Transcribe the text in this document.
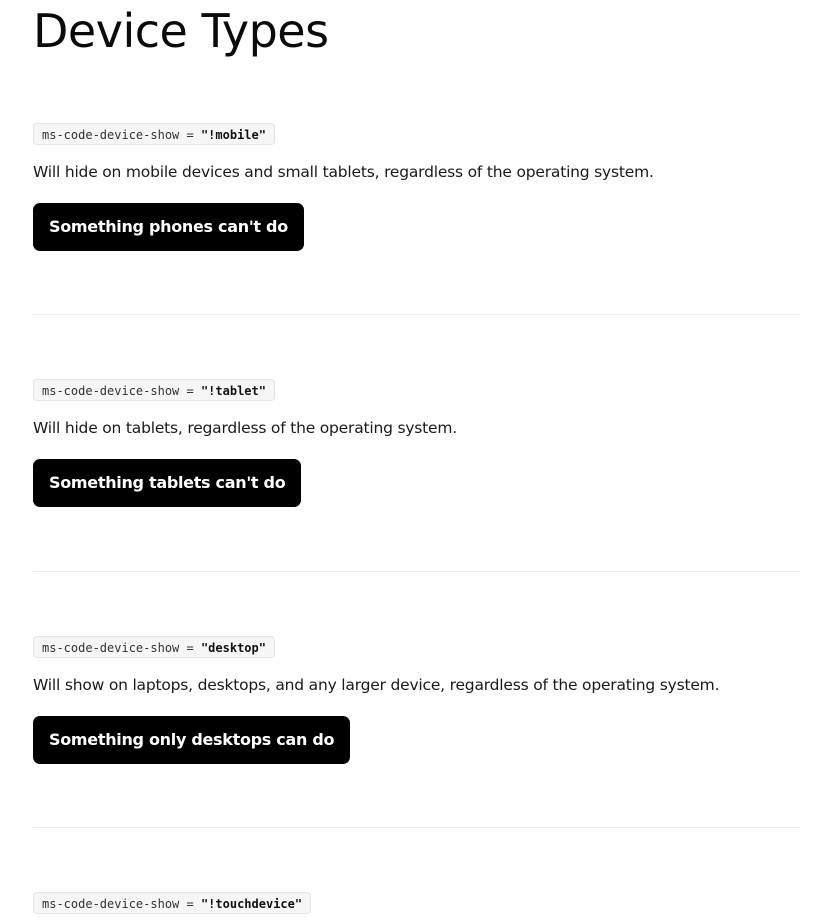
Device Types
ms-code-device-show = "!mobile"

Will hide on mobile devices and small tablets, regardless of the operating system.

Something phones can't do
ms-code-device-show = "!tablet"

Will hide on tablets, regardless of the operating system.

Something tablets can't do
ms-code-device-show = "desktop"

Will show on laptops, desktops, and any larger device, regardless of the operating system.

Something only desktops can do
ms-code-device-show = "!touchdevice"
